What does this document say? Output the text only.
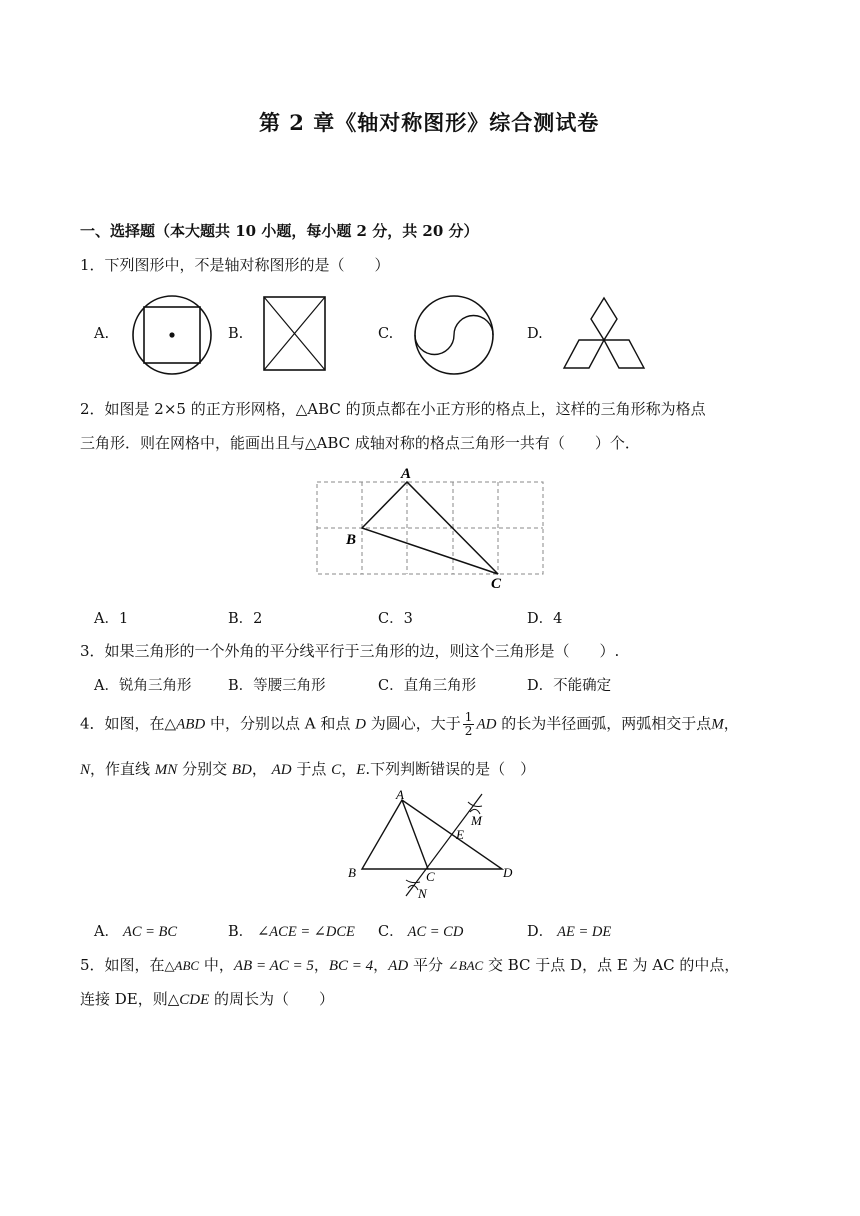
第 2 章《轴对称图形》综合测试卷
一、选择题（本大题共 10 小题，每小题 2 分，共 20 分）
1．下列图形中，不是轴对称图形的是（　　）
A.	B.	C.	D.
2．如图是 2×5 的正方形网格，△ABC 的顶点都在小正方形的格点上，这样的三角形称为格点
三角形．则在网格中，能画出且与△ABC 成轴对称的格点三角形一共有（　　）个．
A
B
C
A．1	B．2	C．3	D．4
3．如果三角形的一个外角的平分线平行于三角形的边，则这个三角形是（　　）.
A．锐角三角形	B．等腰三角形	C．直角三角形	D．不能确定
4．如图，在△ABD 中，分别以点 A 和点 D 为圆心，大于 $\frac{1}{2}$ AD 的长为半径画弧，两弧相交于点M，
N，作直线 MN 分别交 BD， AD 于点 C，E.下列判断错误的是（　）
A
B	C	D
E
M
N
A． AC = BC	B． ∠ACE = ∠DCE C． AC = CD	D． AE = DE
5．如图，在△ABC 中，AB = AC = 5，BC = 4，AD 平分 ∠BAC 交 BC 于点 D，点 E 为 AC 的中点，
连接 DE，则△CDE 的周长为（　　）
